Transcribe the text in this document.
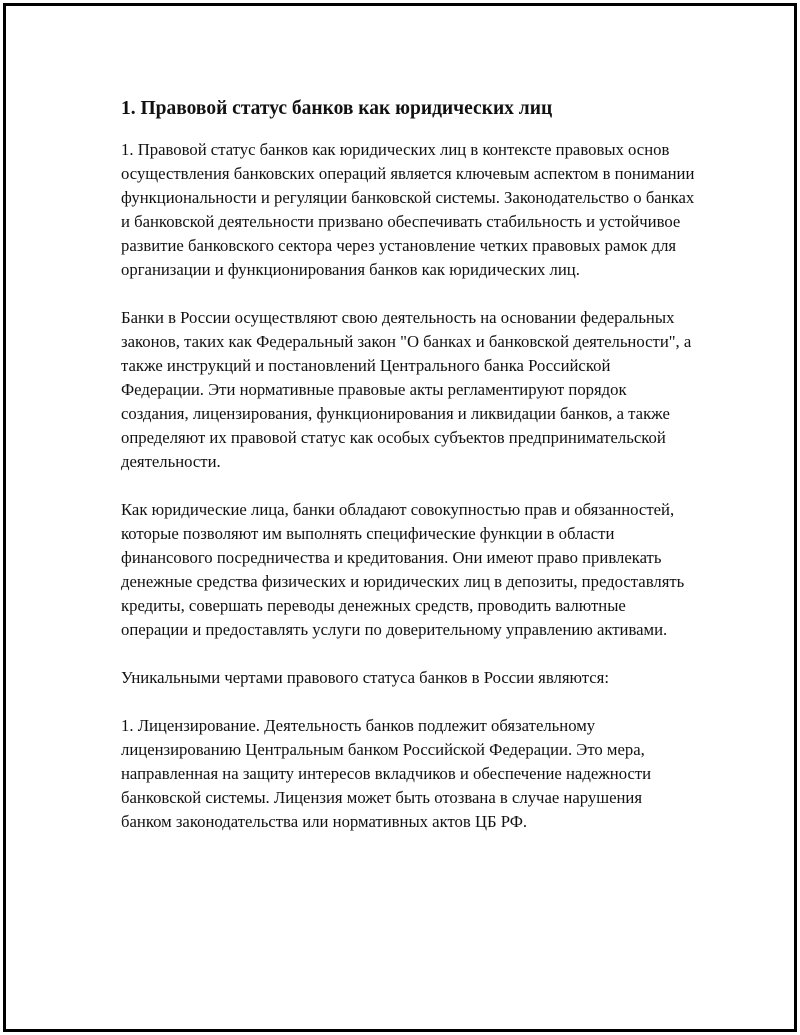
1. Правовой статус банков как юридических лиц

1. Правовой статус банков как юридических лиц в контексте правовых основ осуществления банковских операций является ключевым аспектом в понимании функциональности и регуляции банковской системы. Законодательство о банках и банковской деятельности призвано обеспечивать стабильность и устойчивое развитие банковского сектора через установление четких правовых рамок для организации и функционирования банков как юридических лиц.

Банки в России осуществляют свою деятельность на основании федеральных законов, таких как Федеральный закон "О банках и банковской деятельности", а также инструкций и постановлений Центрального банка Российской Федерации. Эти нормативные правовые акты регламентируют порядок создания, лицензирования, функционирования и ликвидации банков, а также определяют их правовой статус как особых субъектов предпринимательской деятельности.

Как юридические лица, банки обладают совокупностью прав и обязанностей, которые позволяют им выполнять специфические функции в области финансового посредничества и кредитования. Они имеют право привлекать денежные средства физических и юридических лиц в депозиты, предоставлять кредиты, совершать переводы денежных средств, проводить валютные операции и предоставлять услуги по доверительному управлению активами.

Уникальными чертами правового статуса банков в России являются:

1. Лицензирование. Деятельность банков подлежит обязательному лицензированию Центральным банком Российской Федерации. Это мера, направленная на защиту интересов вкладчиков и обеспечение надежности банковской системы. Лицензия может быть отозвана в случае нарушения банком законодательства или нормативных актов ЦБ РФ.
